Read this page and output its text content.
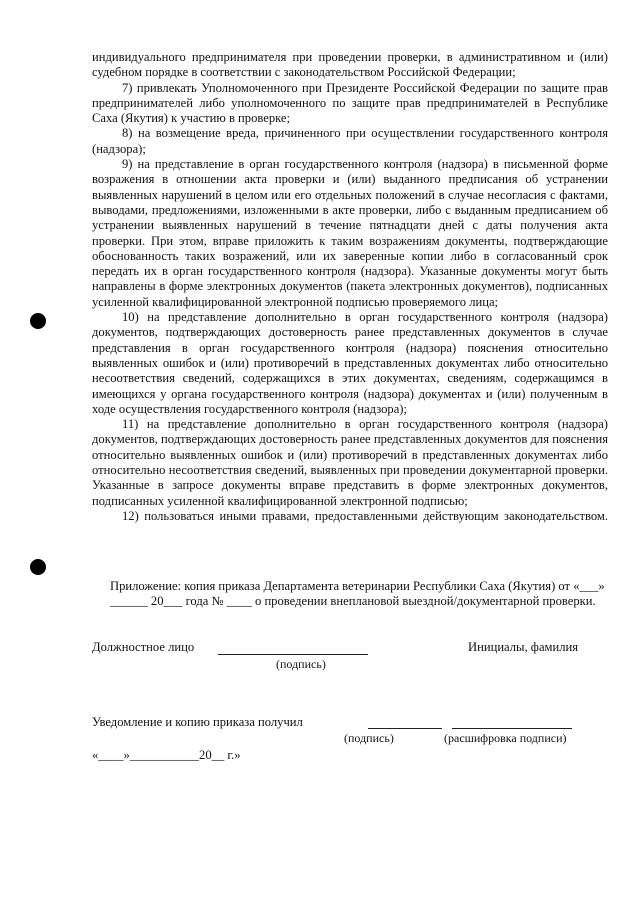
индивидуального предпринимателя при проведении проверки, в административном и (или) судебном порядке в соответствии с законодательством Российской Федерации;

7) привлекать Уполномоченного при Президенте Российской Федерации по защите прав предпринимателей либо уполномоченного по защите прав предпринимателей в Республике Саха (Якутия) к участию в проверке;

8) на возмещение вреда, причиненного при осуществлении государственного контроля (надзора);

9) на представление в орган государственного контроля (надзора) в письменной форме возражения в отношении акта проверки и (или) выданного предписания об устранении выявленных нарушений в целом или его отдельных положений в случае несогласия с фактами, выводами, предложениями, изложенными в акте проверки, либо с выданным предписанием об устранении выявленных нарушений в течение пятнадцати дней с даты получения акта проверки. При этом, вправе приложить к таким возражениям документы, подтверждающие обоснованность таких возражений, или их заверенные копии либо в согласованный срок передать их в орган государственного контроля (надзора). Указанные документы могут быть направлены в форме электронных документов (пакета электронных документов), подписанных усиленной квалифицированной электронной подписью проверяемого лица;

10) на представление дополнительно в орган государственного контроля (надзора) документов, подтверждающих достоверность ранее представленных документов в случае представления в орган государственного контроля (надзора) пояснения относительно выявленных ошибок и (или) противоречий в представленных документах либо относительно несоответствия сведений, содержащихся в этих документах, сведениям, содержащимся в имеющихся у органа государственного контроля (надзора) документах и (или) полученным в ходе осуществления государственного контроля (надзора);

11) на представление дополнительно в орган государственного контроля (надзора) документов, подтверждающих достоверность ранее представленных документов для пояснения относительно выявленных ошибок и (или) противоречий в представленных документах либо относительно несоответствия сведений, выявленных при проведении документарной проверки. Указанные в запросе документы вправе представить в форме электронных документов, подписанных усиленной квалифицированной электронной подписью;

12) пользоваться иными правами, предоставленными действующим законодательством.

Приложение: копия приказа Департамента ветеринарии Республики Саха (Якутия) от «___» ______ 20___ года № ____ о проведении внеплановой выездной/документарной проверки.

Должностное лицо

(подпись)

Инициалы, фамилия

Уведомление и копию приказа получил

(подпись)	(расшифровка подписи)

«____»___________20__ г.»
